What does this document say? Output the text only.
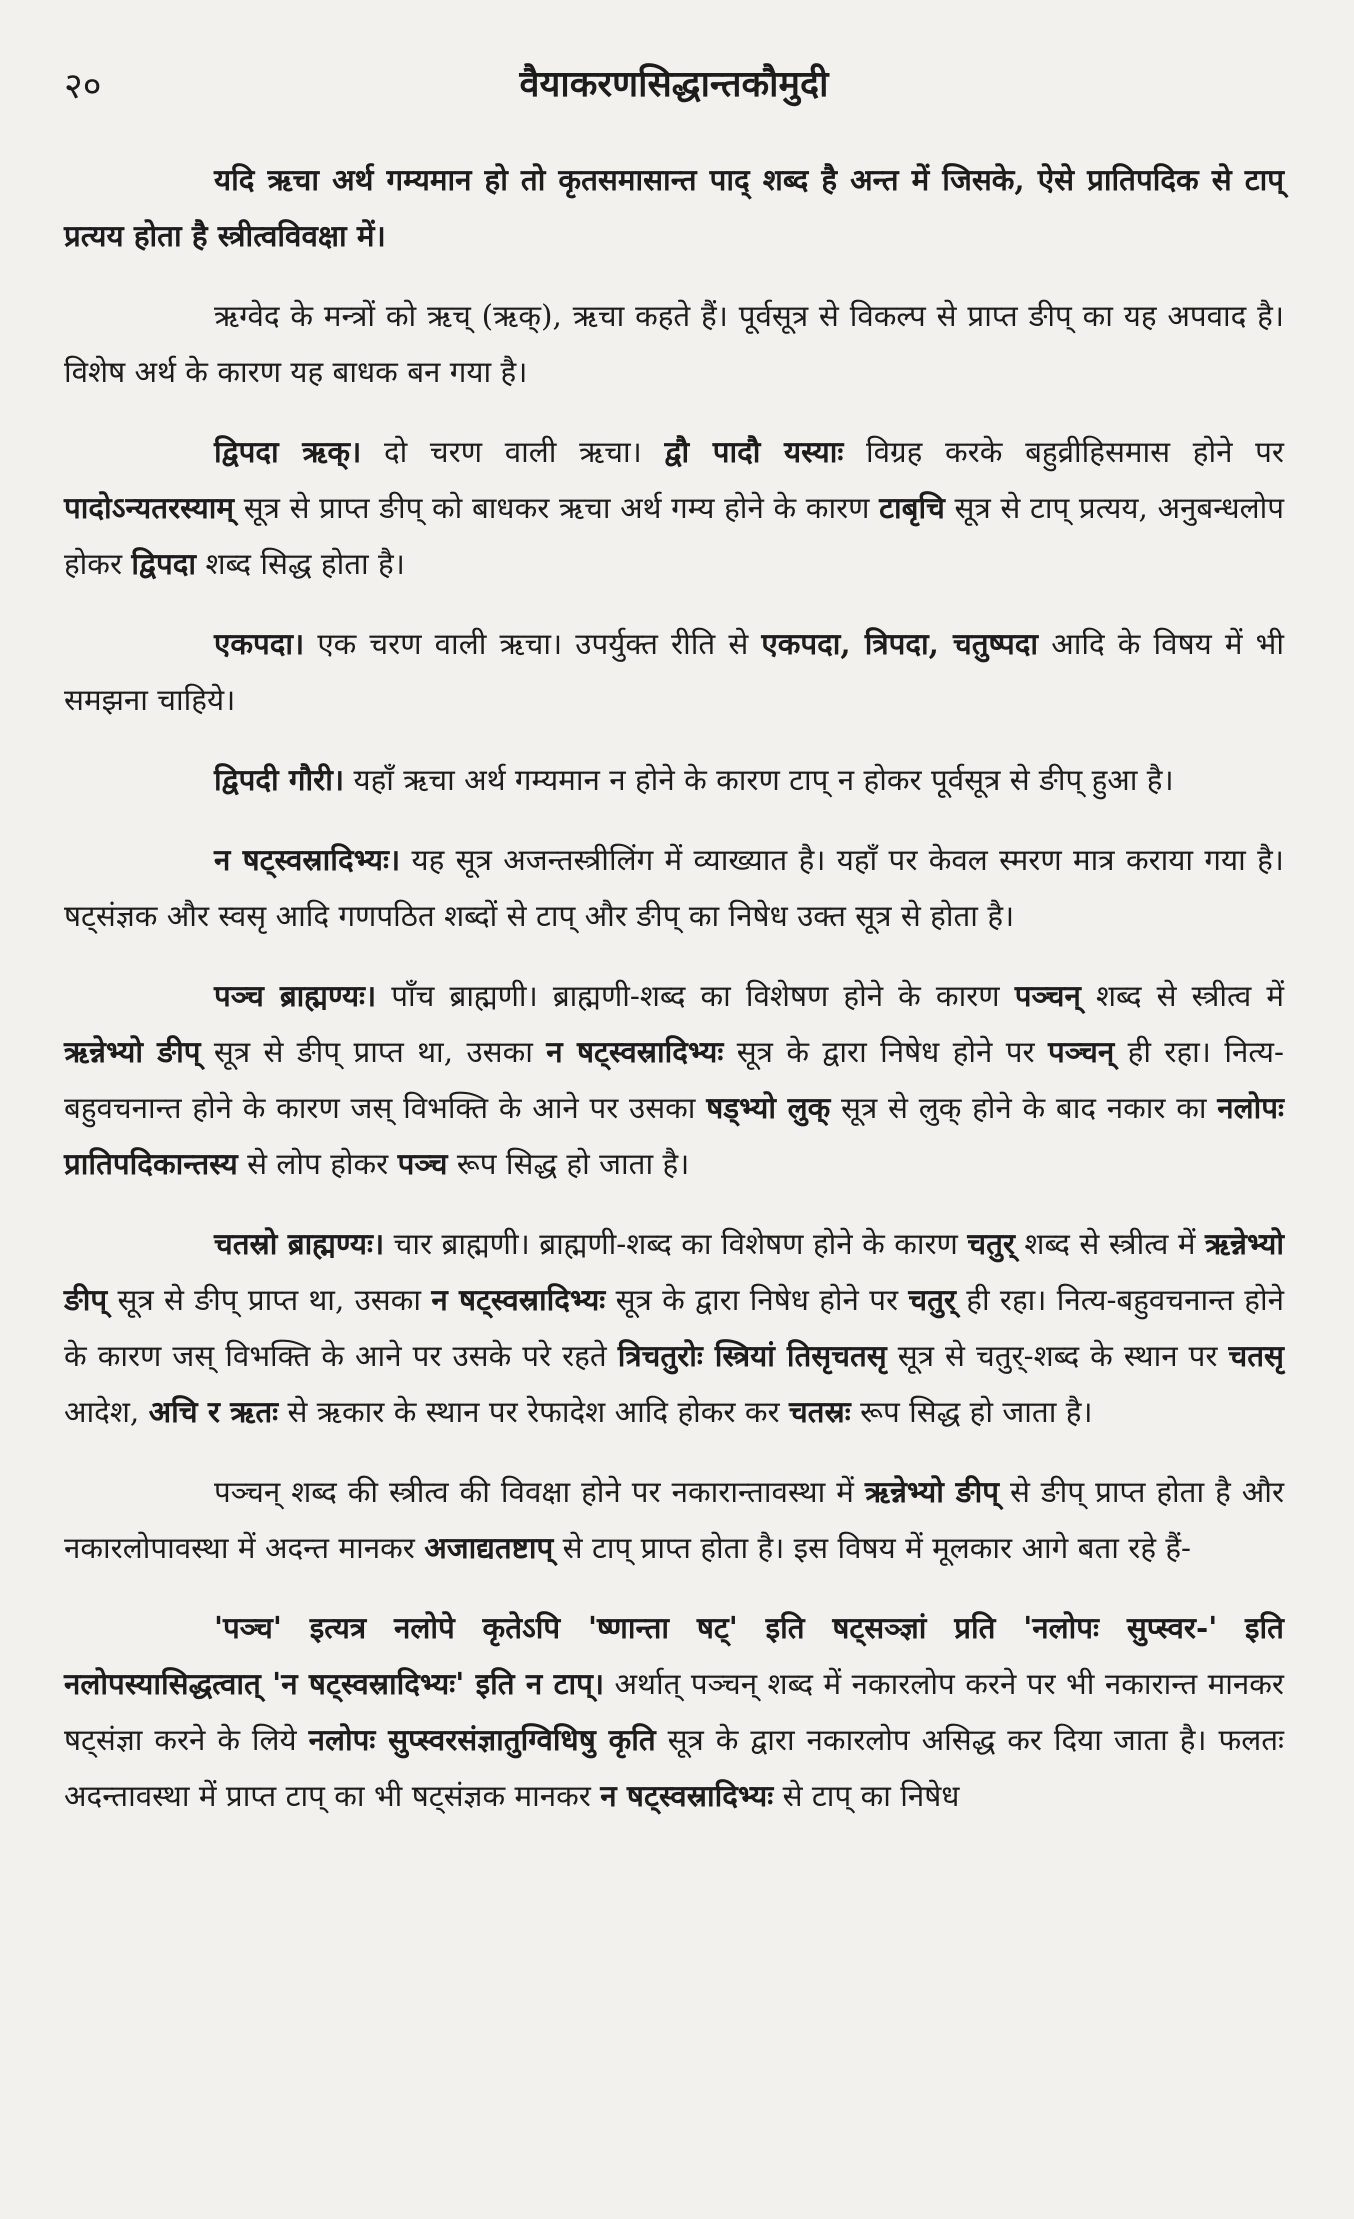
२०	वैयाकरणसिद्धान्तकौमुदी

यदि ऋचा अर्थ गम्यमान हो तो कृतसमासान्त पाद् शब्द है अन्त में जिसके, ऐसे प्रातिपदिक से टाप् प्रत्यय होता है स्त्रीत्वविवक्षा में।

ऋग्वेद के मन्त्रों को ऋच् (ऋक्), ऋचा कहते हैं। पूर्वसूत्र से विकल्प से प्राप्त ङीप् का यह अपवाद है। विशेष अर्थ के कारण यह बाधक बन गया है।

द्विपदा ऋक्। दो चरण वाली ऋचा। द्वौ पादौ यस्याः विग्रह करके बहुव्रीहिसमास होने पर पादोऽन्यतरस्याम् सूत्र से प्राप्त ङीप् को बाधकर ऋचा अर्थ गम्य होने के कारण टाबृचि सूत्र से टाप् प्रत्यय, अनुबन्धलोप होकर द्विपदा शब्द सिद्ध होता है।

एकपदा। एक चरण वाली ऋचा। उपर्युक्त रीति से एकपदा, त्रिपदा, चतुष्पदा आदि के विषय में भी समझना चाहिये।

द्विपदी गौरी। यहाँ ऋचा अर्थ गम्यमान न होने के कारण टाप् न होकर पूर्वसूत्र से ङीप् हुआ है।

न षट्स्वस्रादिभ्यः। यह सूत्र अजन्तस्त्रीलिंग में व्याख्यात है। यहाँ पर केवल स्मरण मात्र कराया गया है। षट्संज्ञक और स्वसृ आदि गणपठित शब्दों से टाप् और ङीप् का निषेध उक्त सूत्र से होता है।

पञ्च ब्राह्मण्यः। पाँच ब्राह्मणी। ब्राह्मणी-शब्द का विशेषण होने के कारण पञ्चन् शब्द से स्त्रीत्व में ऋन्नेभ्यो ङीप् सूत्र से ङीप् प्राप्त था, उसका न षट्स्वस्रादिभ्यः सूत्र के द्वारा निषेध होने पर पञ्चन् ही रहा। नित्य-बहुवचनान्त होने के कारण जस् विभक्ति के आने पर उसका षड्भ्यो लुक् सूत्र से लुक् होने के बाद नकार का नलोपः प्रातिपदिकान्तस्य से लोप होकर पञ्च रूप सिद्ध हो जाता है।

चतस्रो ब्राह्मण्यः। चार ब्राह्मणी। ब्राह्मणी-शब्द का विशेषण होने के कारण चतुर् शब्द से स्त्रीत्व में ऋन्नेभ्यो ङीप् सूत्र से ङीप् प्राप्त था, उसका न षट्स्वस्रादिभ्यः सूत्र के द्वारा निषेध होने पर चतुर् ही रहा। नित्य-बहुवचनान्त होने के कारण जस् विभक्ति के आने पर उसके परे रहते त्रिचतुरोः स्त्रियां तिसृचतसृ सूत्र से चतुर्-शब्द के स्थान पर चतसृ आदेश, अचि र ऋतः से ऋकार के स्थान पर रेफादेश आदि होकर कर चतस्रः रूप सिद्ध हो जाता है।

पञ्चन् शब्द की स्त्रीत्व की विवक्षा होने पर नकारान्तावस्था में ऋन्नेभ्यो ङीप् से ङीप् प्राप्त होता है और नकारलोपावस्था में अदन्त मानकर अजाद्यतष्टाप् से टाप् प्राप्त होता है। इस विषय में मूलकार आगे बता रहे हैं-

'पञ्च' इत्यत्र नलोपे कृतेऽपि 'ष्णान्ता षट्' इति षट्सञ्ज्ञां प्रति 'नलोपः सुप्स्वर-' इति नलोपस्यासिद्धत्वात् 'न षट्स्वस्रादिभ्यः' इति न टाप्। अर्थात् पञ्चन् शब्द में नकारलोप करने पर भी नकारान्त मानकर षट्संज्ञा करने के लिये नलोपः सुप्स्वरसंज्ञातुग्विधिषु कृति सूत्र के द्वारा नकारलोप असिद्ध कर दिया जाता है। फलतः अदन्तावस्था में प्राप्त टाप् का भी षट्संज्ञक मानकर न षट्स्वस्रादिभ्यः से टाप् का निषेध
